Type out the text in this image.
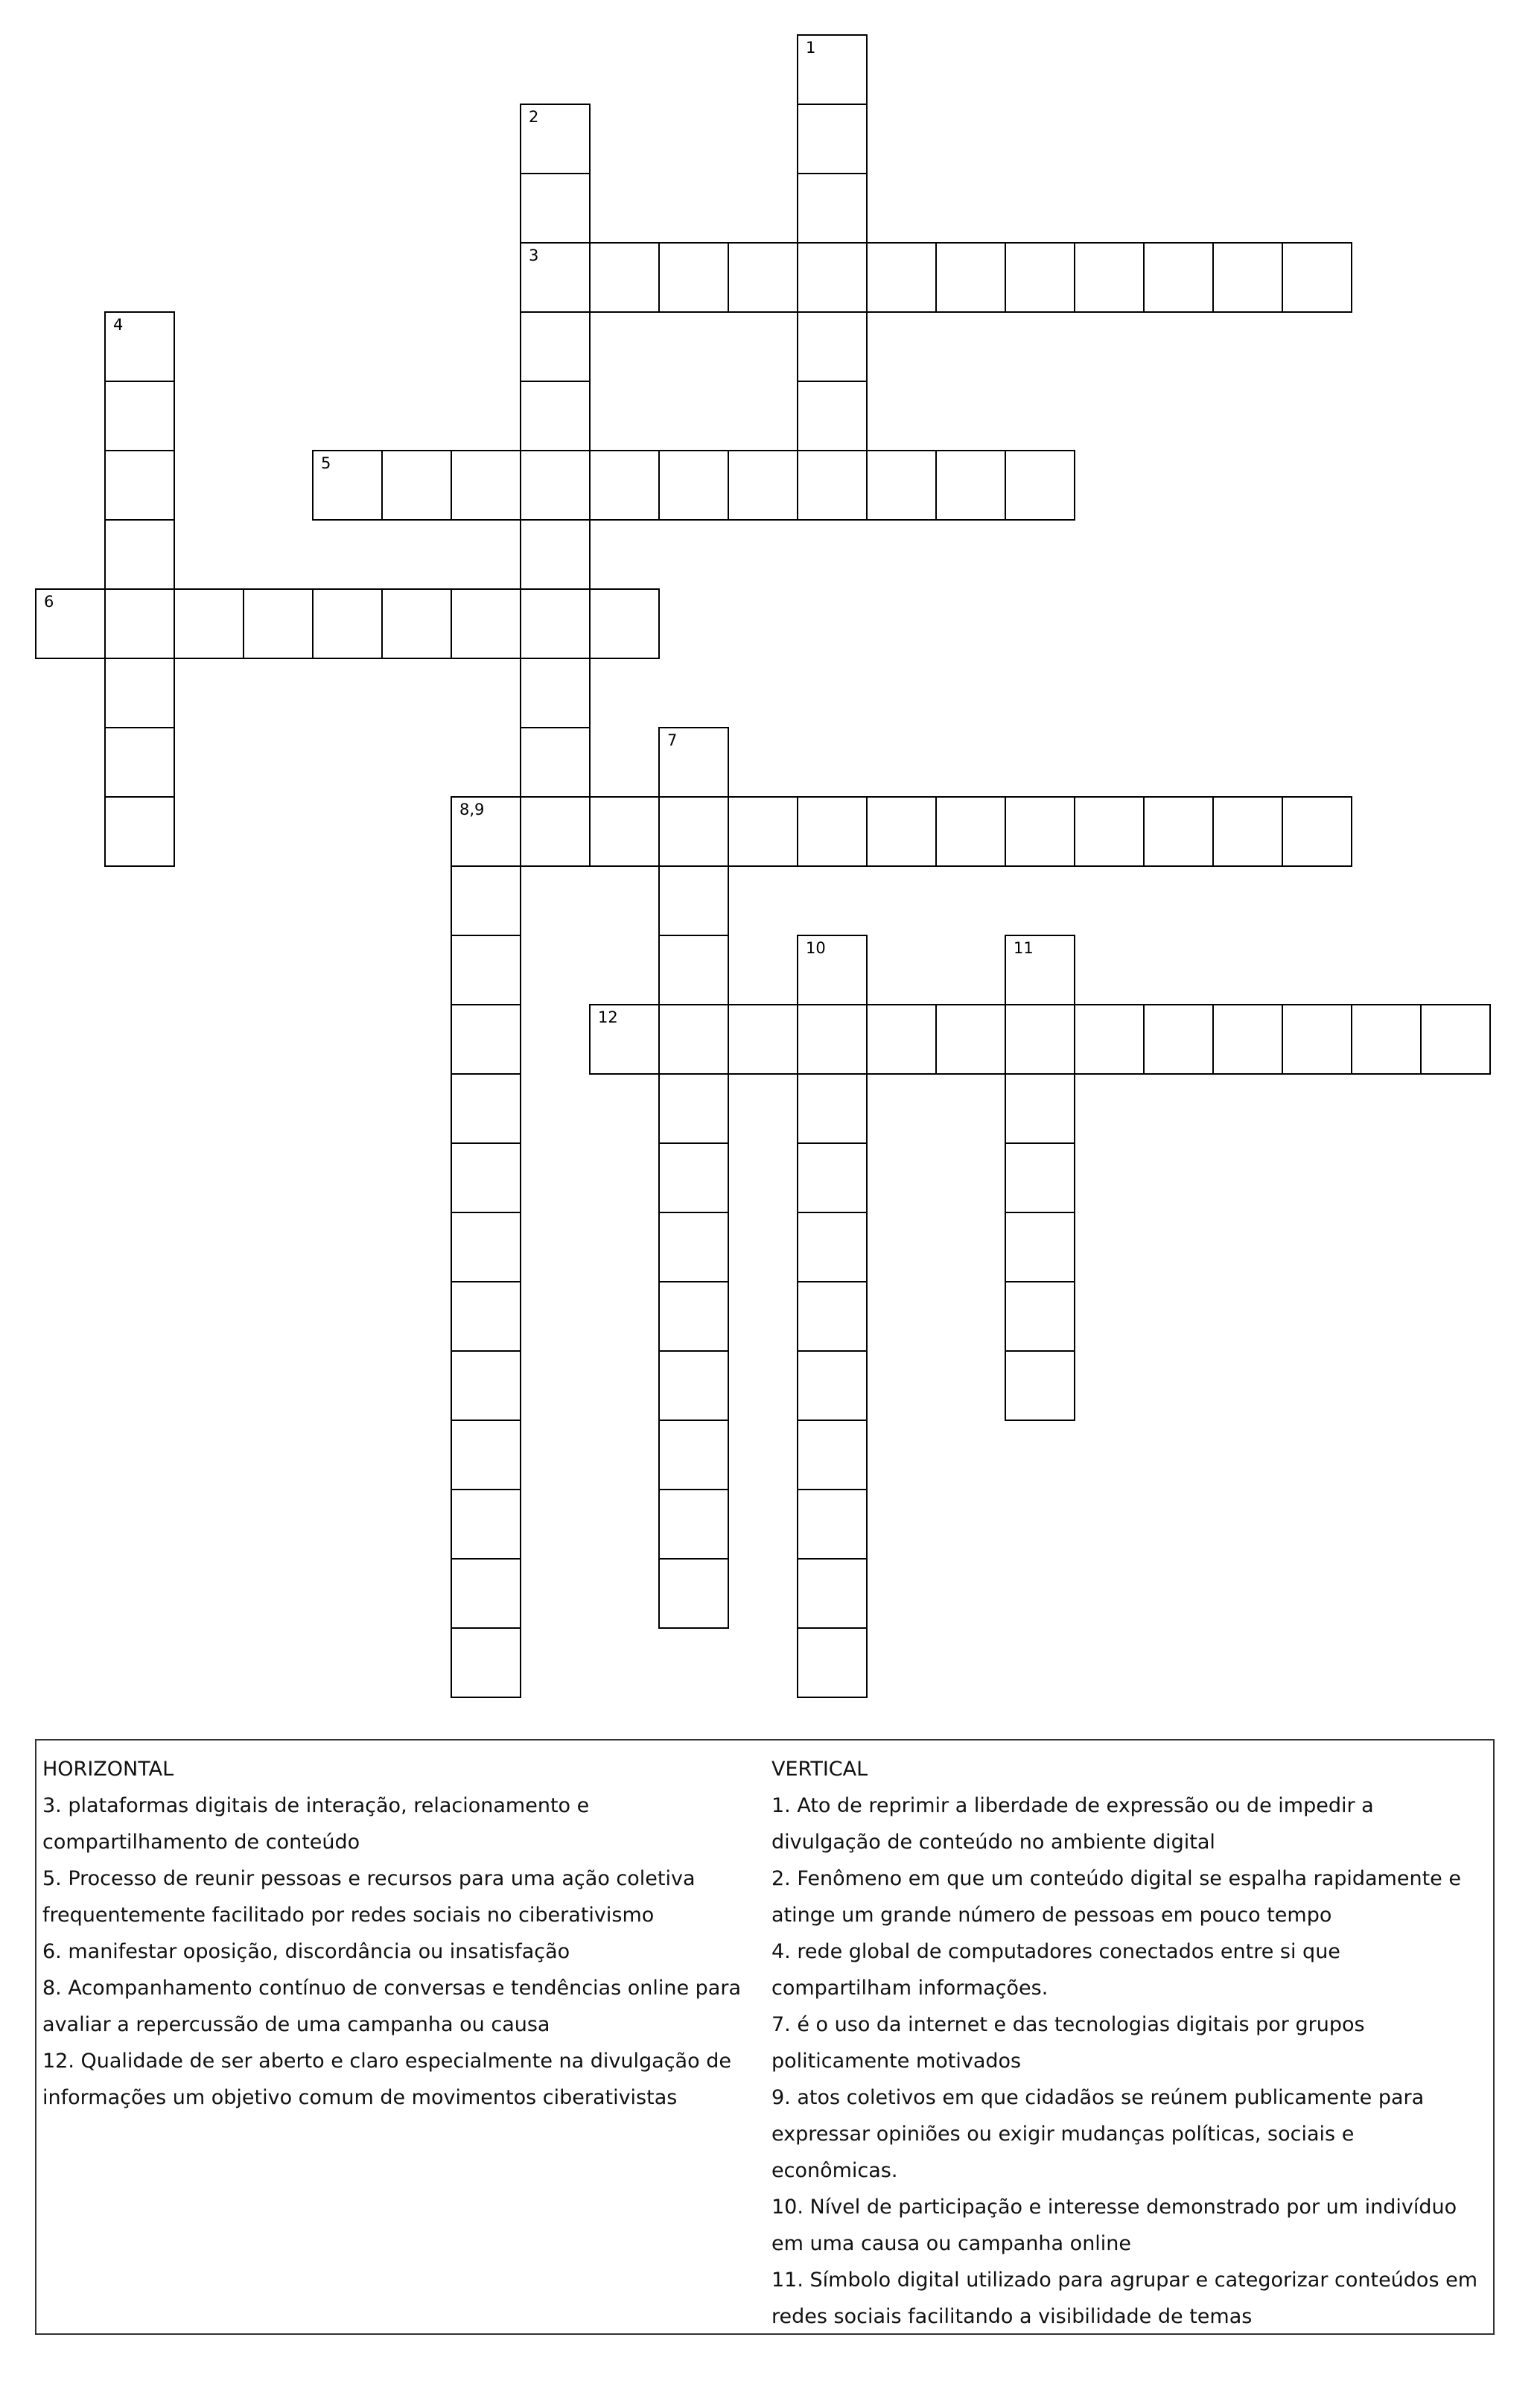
1
2
3
4
5
6
7
8,9
10	11
12

HORIZONTAL

3. plataformas digitais de interação, relacionamento e compartilhamento de conteúdo

5. Processo de reunir pessoas e recursos para uma ação coletiva frequentemente facilitado por redes sociais no ciberativismo

6. manifestar oposição, discordância ou insatisfação

8. Acompanhamento contínuo de conversas e tendências online para avaliar a repercussão de uma campanha ou causa

12. Qualidade de ser aberto e claro especialmente na divulgação de informações um objetivo comum de movimentos ciberativistas

VERTICAL

1. Ato de reprimir a liberdade de expressão ou de impedir a divulgação de conteúdo no ambiente digital

2. Fenômeno em que um conteúdo digital se espalha rapidamente e atinge um grande número de pessoas em pouco tempo

4. rede global de computadores conectados entre si que compartilham informações.

7. é o uso da internet e das tecnologias digitais por grupos politicamente motivados

9. atos coletivos em que cidadãos se reúnem publicamente para expressar opiniões ou exigir mudanças políticas, sociais e econômicas.

10. Nível de participação e interesse demonstrado por um indivíduo em uma causa ou campanha online

11. Símbolo digital utilizado para agrupar e categorizar conteúdos em redes sociais facilitando a visibilidade de temas
